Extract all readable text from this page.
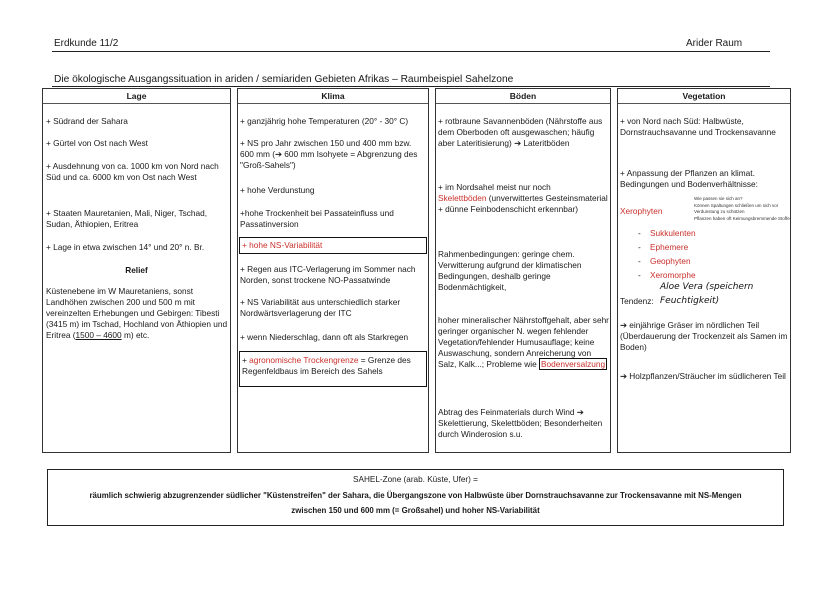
Erdkunde 11/2	Arider Raum
Die ökologische Ausgangssituation in ariden / semiariden Gebieten Afrikas – Raumbeispiel Sahelzone
Lage
+ Südrand der Sahara
+ Gürtel von Ost nach West
+ Ausdehnung von ca. 1000 km von Nord nach Süd und ca. 6000 km von Ost nach West
+ Staaten Mauretanien, Mali, Niger, Tschad, Sudan, Äthiopien, Eritrea
+ Lage in etwa zwischen 14° und 20° n. Br.
Relief
Küstenebene im W Mauretaniens, sonst Landhöhen zwischen 200 und 500 m mit vereinzelten Erhebungen und Gebirgen: Tibesti (3415 m) im Tschad, Hochland von Äthiopien und Eritrea (1500 – 4600 m) etc.
Klima
+ ganzjährig hohe Temperaturen (20° - 30° C)
+ NS pro Jahr zwischen 150 und 400 mm bzw. 600 mm (➔ 600 mm Isohyete = Abgrenzung des "Groß-Sahels")
+ hohe Verdunstung
+hohe Trockenheit bei Passateinfluss und Passatinversion
+ hohe NS-Variabilität
+ Regen aus ITC-Verlagerung im Sommer nach Norden, sonst trockene NO-Passatwinde
+ NS Variabilität aus unterschiedlich starker Nordwärtsverlagerung der ITC
+ wenn Niederschlag, dann oft als Starkregen
+ agronomische Trockengrenze = Grenze des Regenfeldbaus im Bereich des Sahels
Böden
+ rotbraune Savannenböden (Nährstoffe aus dem Oberboden oft ausgewaschen; häufig aber Lateritisierung) ➔ Lateritböden
+ im Nordsahel meist nur noch
Skelettböden (unverwittertes Gesteinsmaterial + dünne Feinbodenschicht erkennbar)
Rahmenbedingungen: geringe chem. Verwitterung aufgrund der klimatischen Bedingungen, deshalb geringe Bodenmächtigkeit,
hoher mineralischer Nährstoffgehalt, aber sehr geringer organischer N. wegen fehlender Vegetation/fehlender Humusauflage; keine Auswaschung, sondern Anreicherung von Salz, Kalk...; Probleme wie Bodenversalzung
Abtrag des Feinmaterials durch Wind ➔ Skelettierung, Skelettböden; Besonderheiten durch Winderosion s.u.
Vegetation
+ von Nord nach Süd: Halbwüste, Dornstrauchsavanne und Trockensavanne
+ Anpassung der Pflanzen an klimat. Bedingungen und Bodenverhältnisse:
Wie passen sie sich an?
Xerophyten
Können Spaltungen schließen um sich vor Verdunstung zu schützen
Pflanzen haben oft Keimungsbremmende Stoffe
-    Sukkulenten
-    Ephemere
-    Geophyten
-    Xeromorphe
Aloe Vera (speichern
Tendenz: Feuchtigkeit)
➔ einjährige Gräser im nördlichen Teil (Überdauerung der Trockenzeit als Samen im Boden)
➔ Holzpflanzen/Sträucher im südlicheren Teil
SAHEL-Zone (arab. Küste, Ufer) =
räumlich schwierig abzugrenzender südlicher "Küstenstreifen" der Sahara, die Übergangszone von Halbwüste über Dornstrauchsavanne zur Trockensavanne mit NS-Mengen
zwischen 150 und 600 mm (= Großsahel) und hoher NS-Variabilität
